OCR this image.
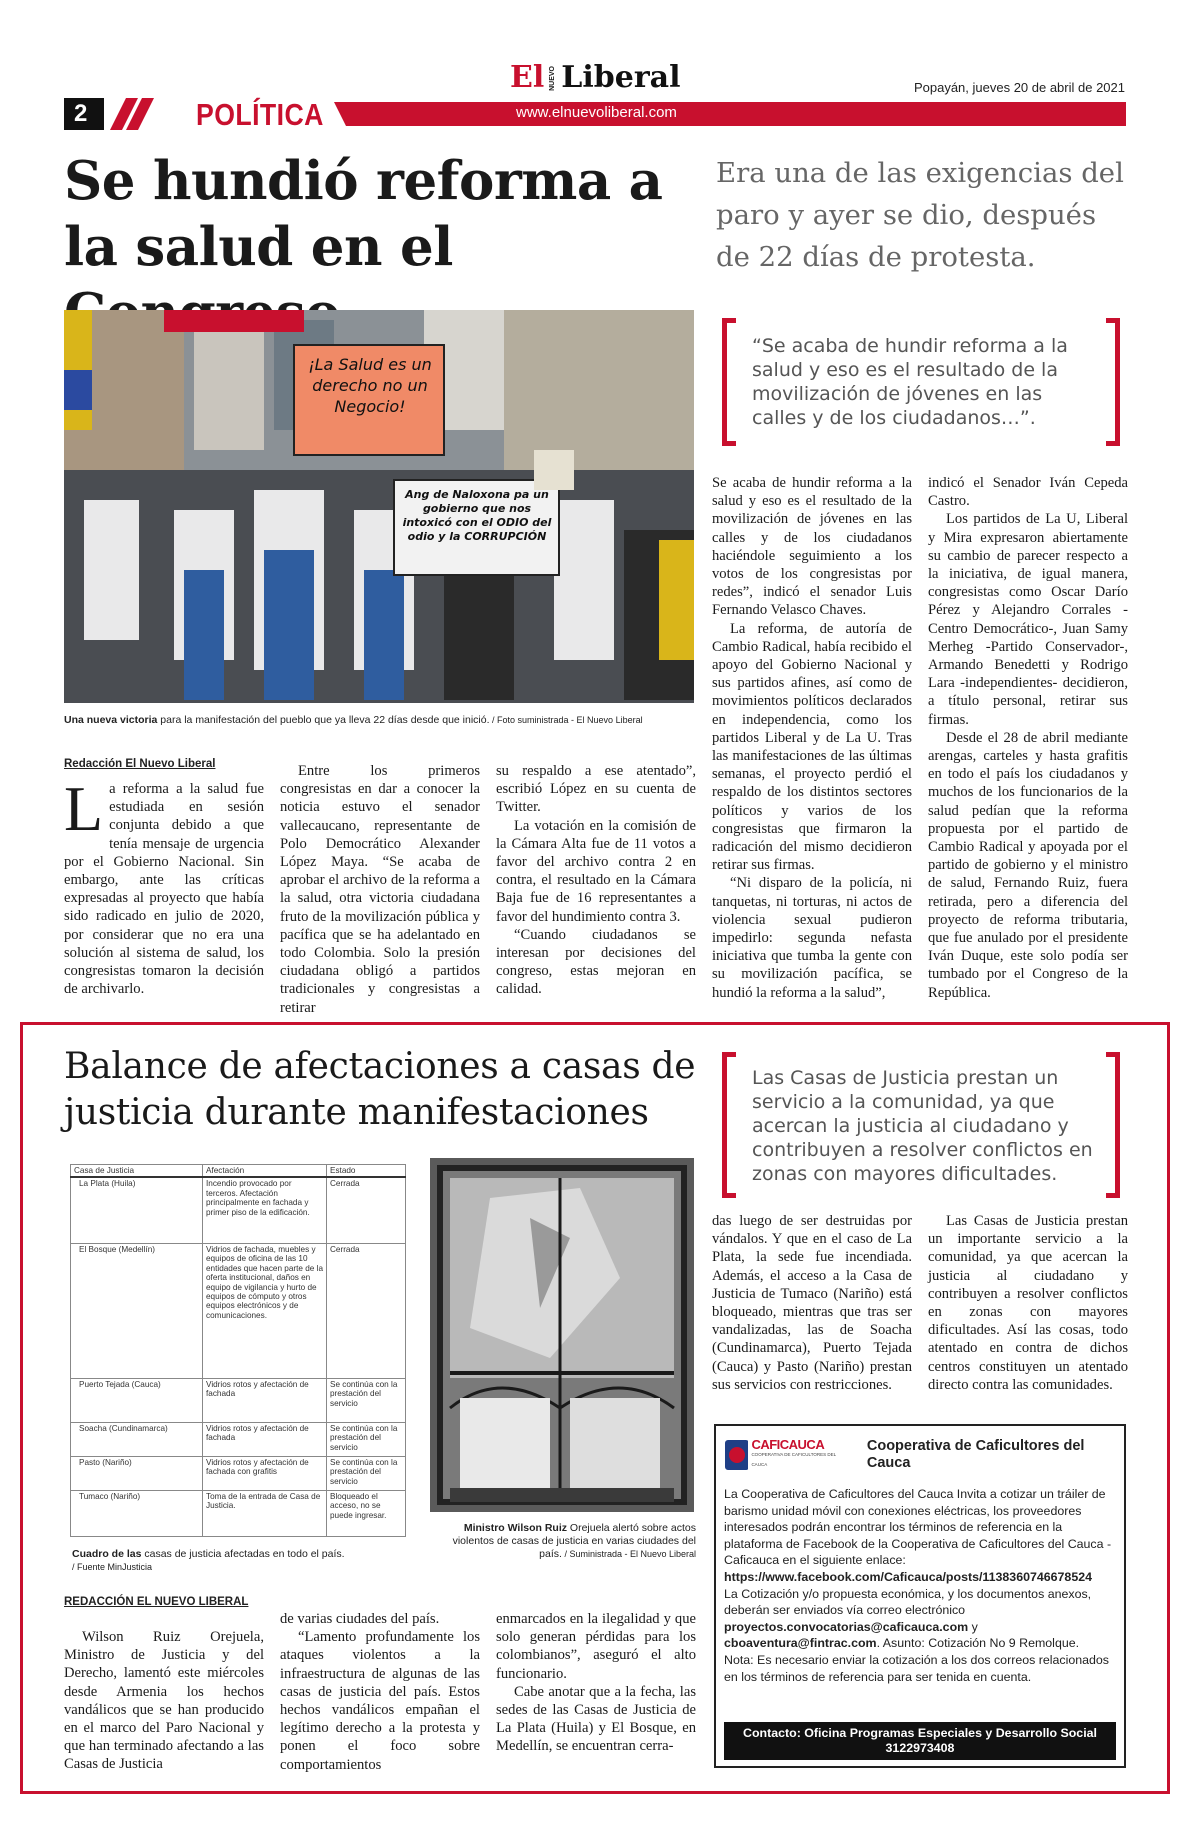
2	POLÍTICA	www.elnuevoliberal.com
El NUEVO Liberal	Popayán, jueves 20 de abril de 2021
Se hundió reforma a la salud en el
Era una de las exigencias del paro y ayer se dio, después de 22 días de protesta.
¡La Salud es un derecho no un Negocio!
Ang de Naloxona pa un gobierno que nos intoxicó con el ODIO del odio y la CORRUPCIÓN
Una nueva victoria para la manifestación del pueblo que ya lleva 22 días desde que inició. / Foto suministrada - El Nuevo Liberal
“Se acaba de hundir reforma a la salud y eso es el resultado de la movilización de jóvenes en las calles y de los ciudadanos…”.
Redacción El Nuevo Liberal

La reforma a la salud fue estudiada en sesión conjunta debido a que tenía mensaje de urgencia por el Gobierno Nacional. Sin embargo, ante las críticas expresadas al proyecto que había sido radicado en julio de 2020, por considerar que no era una solución al sistema de salud, los congresistas tomaron la decisión de archivarlo.

Entre los primeros congresistas en dar a conocer la noticia estuvo el senador vallecaucano, representante de Polo Democrático Alexander López Maya. “Se acaba de aprobar el archivo de la reforma a la salud, otra victoria ciudadana fruto de la movilización pública y pacífica que se ha adelantado en todo Colombia. Solo la presión ciudadana obligó a partidos tradicionales y congresistas a retirar

su respaldo a ese atentado”, escribió López en su cuenta de Twitter.

La votación en la comisión de la Cámara Alta fue de 11 votos a favor del archivo contra 2 en contra, el resultado en la Cámara Baja fue de 16 representantes a favor del hundimiento contra 3.

“Cuando ciudadanos se interesan por decisiones del congreso, estas mejoran en calidad.

Se acaba de hundir reforma a la salud y eso es el resultado de la movilización de jóvenes en las calles y de los ciudadanos haciéndole seguimiento a los votos de los congresistas por redes”, indicó el senador Luis Fernando Velasco Chaves.

La reforma, de autoría de Cambio Radical, había recibido el apoyo del Gobierno Nacional y sus partidos afines, así como de movimientos políticos declarados en independencia, como los partidos Liberal y de La U. Tras las manifestaciones de las últimas semanas, el proyecto perdió el respaldo de los distintos sectores políticos y varios de los congresistas que firmaron la radicación del mismo decidieron retirar sus firmas.

“Ni disparo de la policía, ni tanquetas, ni torturas, ni actos de violencia sexual pudieron impedirlo: segunda nefasta iniciativa que tumba la gente con su movilización pacífica, se hundió la reforma a la salud”,

indicó el Senador Iván Cepeda Castro.

Los partidos de La U, Liberal y Mira expresaron abiertamente su cambio de parecer respecto a la iniciativa, de igual manera, congresistas como Oscar Darío Pérez y Alejandro Corrales -Centro Democrático-, Juan Samy Merheg -Partido Conservador-, Armando Benedetti y Rodrigo Lara -independientes- decidieron, a título personal, retirar sus firmas.

Desde el 28 de abril mediante arengas, carteles y hasta grafitis en todo el país los ciudadanos y muchos de los funcionarios de la salud pedían que la reforma propuesta por el partido de Cambio Radical y apoyada por el partido de gobierno y el ministro de salud, Fernando Ruiz, fuera retirada, pero a diferencia del proyecto de reforma tributaria, que fue anulado por el presidente Iván Duque, este solo podía ser tumbado por el Congreso de la República.

Balance de afectaciones a casas de justicia durante manifestaciones
Las Casas de Justicia prestan un servicio a la comunidad, ya que acercan la justicia al ciudadano y contribuyen a resolver conflictos en zonas con mayores dificultades.
Casa de Justicia	Afectación	Estado
La Plata (Huila)	Incendio provocado por terceros. Afectación principalmente en fachada y primer piso de la edificación.	Cerrada
El Bosque (Medellín)	Vidrios de fachada, muebles y equipos de oficina de las 10 entidades que hacen parte de la oferta institucional, daños en equipo de vigilancia y hurto de equipos de cómputo y otros equipos electrónicos y de comunicaciones.	Cerrada
Puerto Tejada (Cauca)	Vidrios rotos y afectación de fachada	Se continúa con la prestación del servicio
Soacha (Cundinamarca)	Vidrios rotos y afectación de fachada	Se continúa con la prestación del servicio
Pasto (Nariño)	Vidrios rotos y afectación de fachada con grafitis	Se continúa con la prestación del servicio
Tumaco (Nariño)	Toma de la entrada de Casa de Justicia.	Bloqueado el acceso, no se puede ingresar.
Cuadro de las casas de justicia afectadas en todo el país.
/ Fuente MinJusticia
Ministro Wilson Ruiz Orejuela alertó sobre actos violentos de casas de justicia en varias ciudades del país. / Suministrada - El Nuevo Liberal
REDACCIÓN EL NUEVO LIBERAL

Wilson Ruiz Orejuela, Ministro de Justicia y del Derecho, lamentó este miércoles desde Armenia los hechos vandálicos que se han producido en el marco del Paro Nacional y que han terminado afectando a las Casas de Justicia

de varias ciudades del país.

“Lamento profundamente los ataques violentos a la infraestructura de algunas de las casas de justicia del país. Estos hechos vandálicos empañan el legítimo derecho a la protesta y ponen el foco sobre comportamientos

enmarcados en la ilegalidad y que solo generan pérdidas para los colombianos”, aseguró el alto funcionario.

Cabe anotar que a la fecha, las sedes de las Casas de Justicia de La Plata (Huila) y El Bosque, en Medellín, se encuentran cerra-

das luego de ser destruidas por vándalos. Y que en el caso de La Plata, la sede fue incendiada. Además, el acceso a la Casa de Justicia de Tumaco (Nariño) está bloqueado, mientras que tras ser vandalizadas, las de Soacha (Cundinamarca), Puerto Tejada (Cauca) y Pasto (Nariño) prestan sus servicios con restricciones.

Las Casas de Justicia prestan un importante servicio a la comunidad, ya que acercan la justicia al ciudadano y contribuyen a resolver conflictos en zonas con mayores dificultades. Así las cosas, todo atentado en contra de dichos centros constituyen un atentado directo contra las comunidades.

CAFICAUCA
COOPERATIVA DE CAFICULTORES DEL CAUCA
Cooperativa de Caficultores del Cauca
La Cooperativa de Caficultores del Cauca Invita a cotizar un tráiler de barismo unidad móvil con conexiones eléctricas, los proveedores interesados podrán encontrar los términos de referencia en la plataforma de Facebook de la Cooperativa de Caficultores del Cauca - Caficauca en el siguiente enlace:
https://www.facebook.com/Caficauca/posts/1138360746678524
La Cotización y/o propuesta económica, y los documentos anexos, deberán ser enviados vía correo electrónico
proyectos.convocatorias@caficauca.com y
cboaventura@fintrac.com. Asunto: Cotización No 9 Remolque.
Nota: Es necesario enviar la cotización a los dos correos relacionados en los términos de referencia para ser tenida en cuenta.
Contacto: Oficina Programas Especiales y Desarrollo Social
3122973408
